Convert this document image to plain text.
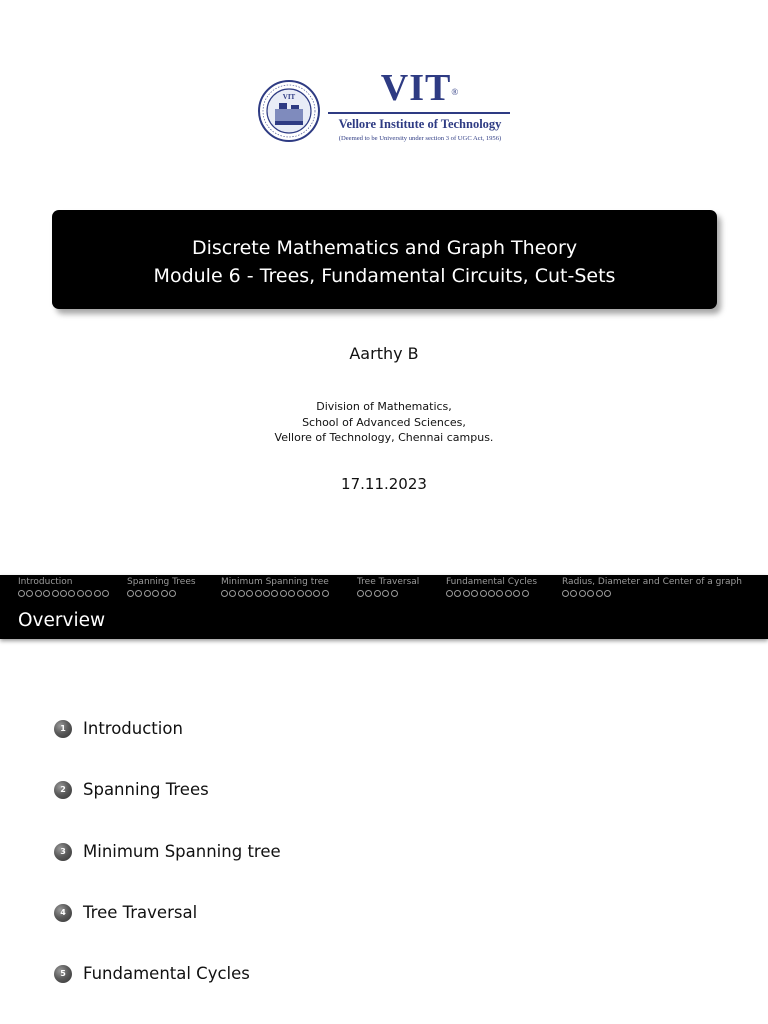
VIT	VIT®
Vellore Institute of Technology
(Deemed to be University under section 3 of UGC Act, 1956)
Discrete Mathematics and Graph Theory
Module 6 - Trees, Fundamental Circuits, Cut-Sets
Aarthy B
Division of Mathematics,
School of Advanced Sciences,
Vellore of Technology, Chennai campus.
17.11.2023
Introduction	Spanning Trees	Minimum Spanning tree	Tree Traversal	Fundamental Cycles	Radius, Diameter and Center of a graph
Overview
1	Introduction
2	Spanning Trees
3	Minimum Spanning tree
4	Tree Traversal
5	Fundamental Cycles
